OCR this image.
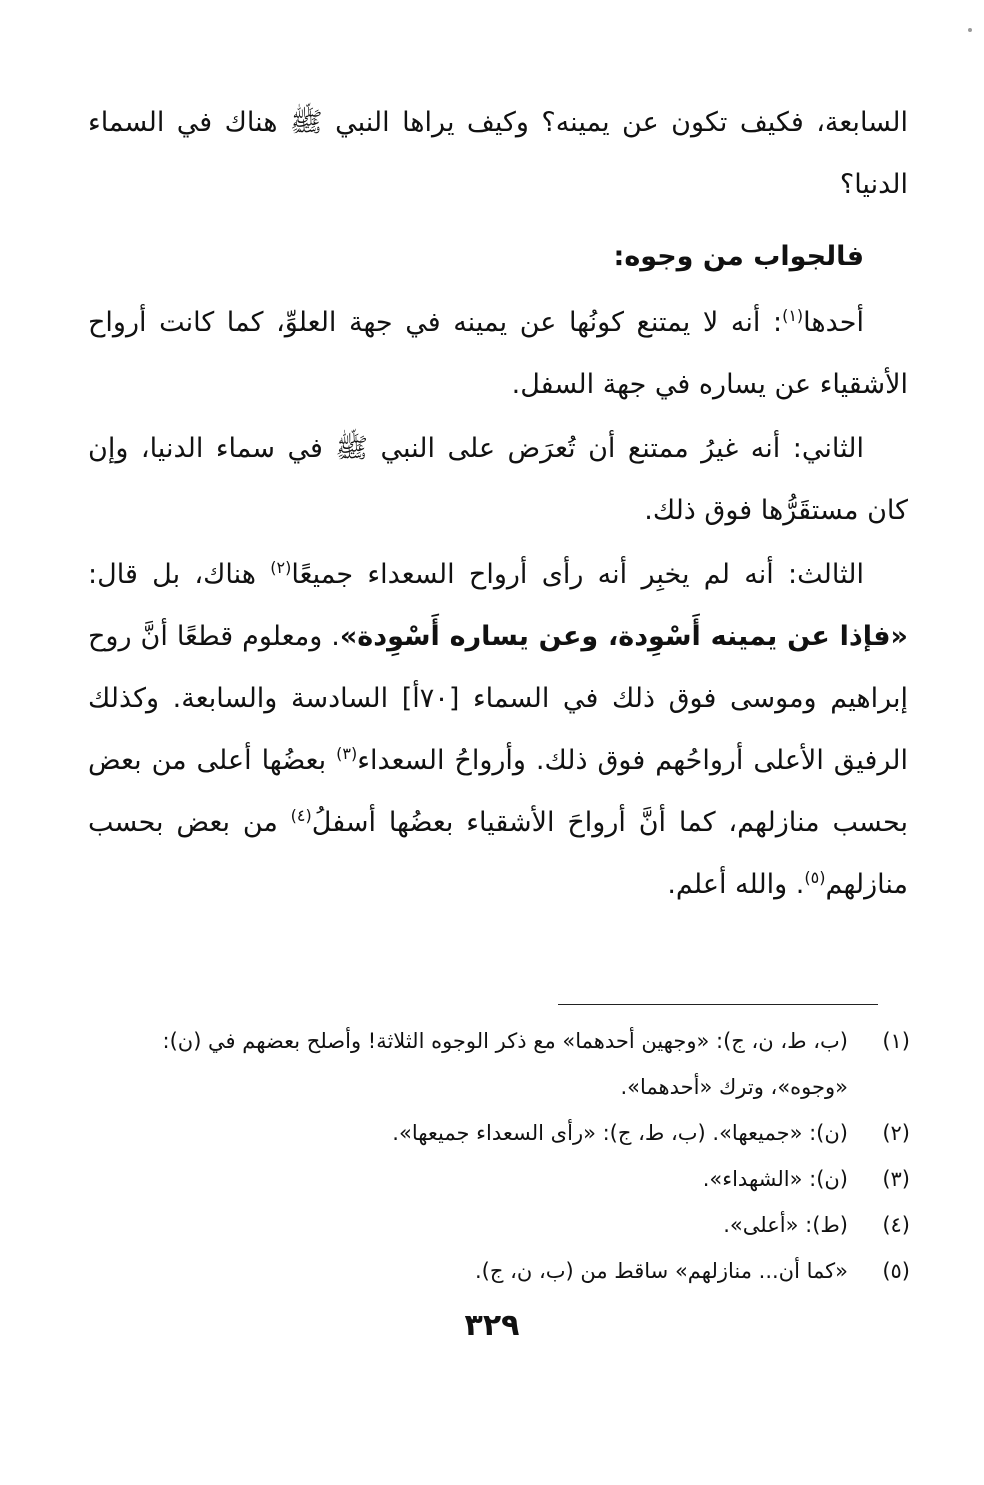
السابعة، فكيف تكون عن يمينه؟ وكيف يراها النبي ﷺ هناك في السماء الدنيا؟

فالجواب من وجوه:

أحدها$^{(١)}$: أنه لا يمتنع كونُها عن يمينه في جهة العلوِّ، كما كانت أرواح الأشقياء عن يساره في جهة السفل.

الثاني: أنه غيرُ ممتنع أن تُعرَض على النبي ﷺ في سماء الدنيا، وإن كان مستقَرُّها فوق ذلك.

الثالث: أنه لم يخبِر أنه رأى أرواح السعداء جميعًا$^{(٢)}$ هناك، بل قال: «فإذا عن يمينه أَسْوِدة، وعن يساره أَسْوِدة». ومعلوم قطعًا أنَّ روح إبراهيم وموسى فوق ذلك في السماء [٧٠أ] السادسة والسابعة. وكذلك الرفيق الأعلى أرواحُهم فوق ذلك. وأرواحُ السعداء$^{(٣)}$ بعضُها أعلى من بعض بحسب منازلهم، كما أنَّ أرواحَ الأشقياء بعضُها أسفلُ$^{(٤)}$ من بعض بحسب منازلهم$^{(٥)}$. والله أعلم.

(١)
(ب، ط، ن، ج): «وجهين أحدهما» مع ذكر الوجوه الثلاثة! وأصلح بعضهم في (ن): «وجوه»، وترك «أحدهما».

(٢)
(ن): «جميعها». (ب، ط، ج): «رأى السعداء جميعها».

(٣)
(ن): «الشهداء».

(٤)
(ط): «أعلى».

(٥)
«كما أن... منازلهم» ساقط من (ب، ن، ج).

٣٢٩
